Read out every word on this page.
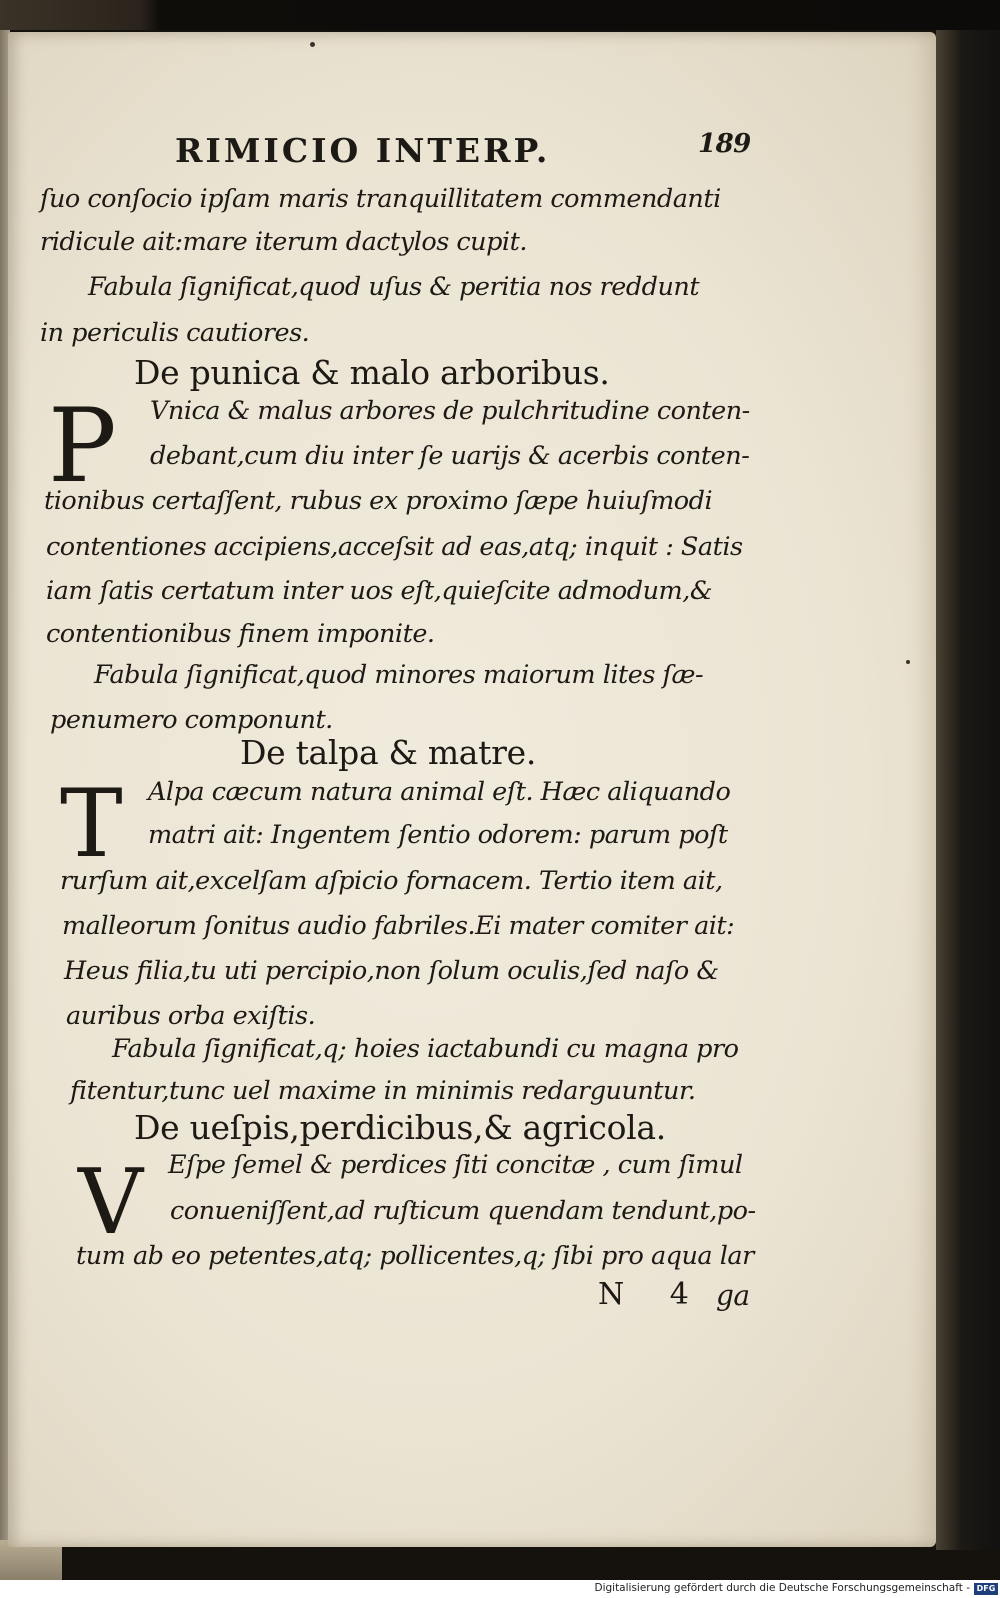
RIMICIO INTERP.	189
ſuo conſocio ipſam maris tranquillitatem commendanti
ridicule ait:mare iterum dactylos cupit.
Fabula ſignificat,quod uſus & peritia nos reddunt
in periculis cautiores.
De punica & malo arboribus.
P Vnica & malus arbores de pulchritudine conten-
debant,cum diu inter ſe uarijs & acerbis conten-
tionibus certaſſent, rubus ex proximo ſæpe huiuſmodi
contentiones accipiens,acceſsit ad eas,atq; inquit : Satis
iam ſatis certatum inter uos eſt,quieſcite admodum,&
contentionibus finem imponite.
Fabula ſignificat,quod minores maiorum lites ſæ-
penumero componunt.
De talpa & matre.
T Alpa cæcum natura animal eſt. Hæc aliquando
matri ait: Ingentem ſentio odorem: parum poſt
rurſum ait,excelſam aſpicio fornacem. Tertio item ait,
malleorum ſonitus audio fabriles.Ei mater comiter ait:
Heus filia,tu uti percipio,non ſolum oculis,ſed naſo &
auribus orba exiſtis.
Fabula ſignificat,q; hoies iactabundi cu magna pro
fitentur,tunc uel maxime in minimis redarguuntur.
De ueſpis,perdicibus,& agricola.
V Eſpe ſemel & perdices ſiti concitæ , cum ſimul
conueniſſent,ad ruſticum quendam tendunt,po-
tum ab eo petentes,atq; pollicentes,q; ſibi pro aqua lar
N 4 ga
Digitalisierung gefördert durch die Deutsche Forschungsgemeinschaft - DFG
